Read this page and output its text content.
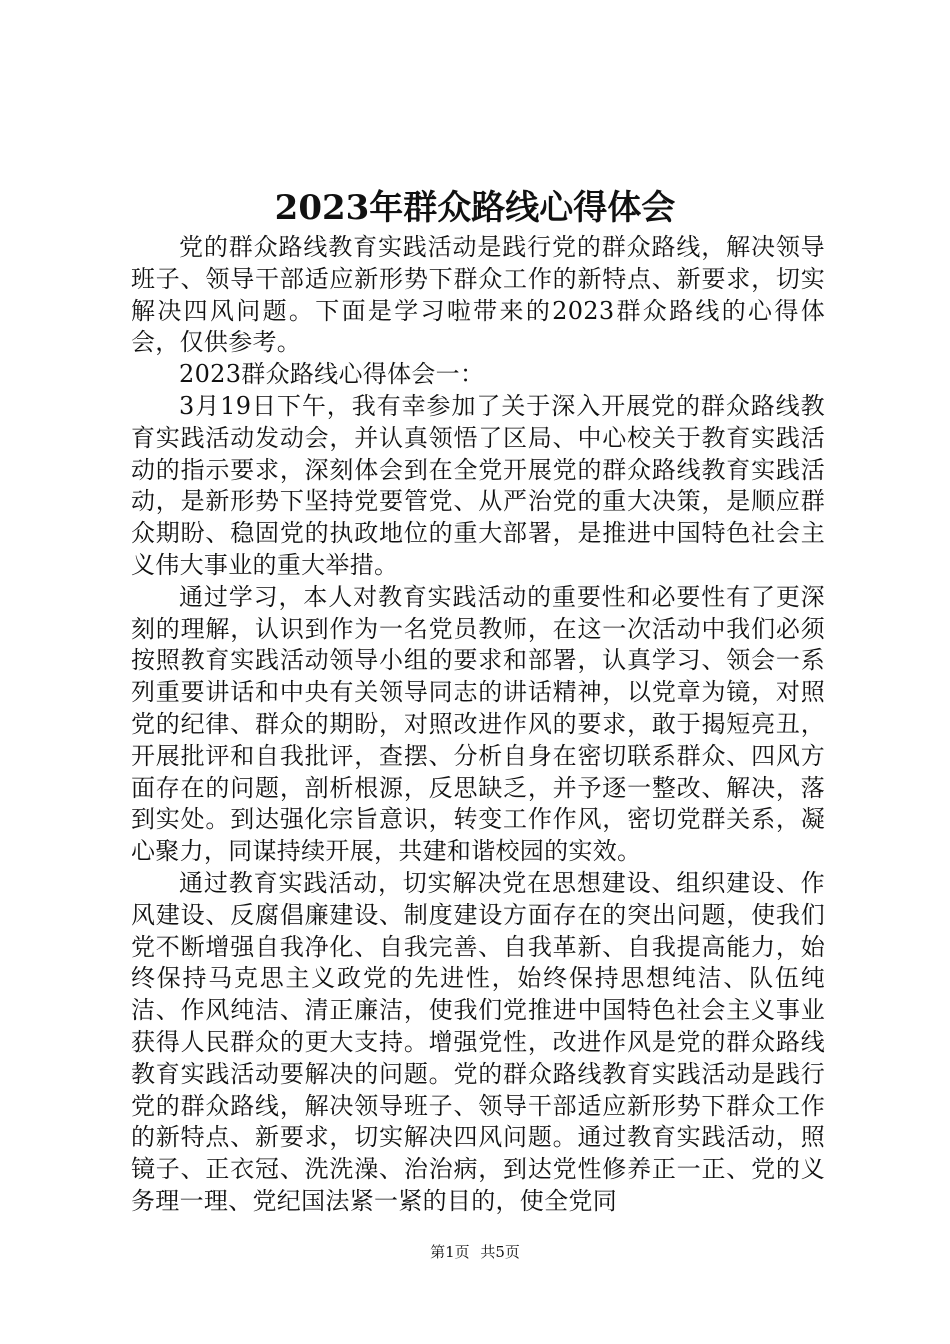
2023年群众路线心得体会

党的群众路线教育实践活动是践行党的群众路线，解决领导班子、领导干部适应新形势下群众工作的新特点、新要求，切实解决四风问题。下面是学习啦带来的2023群众路线的心得体会，仅供参考。

2023群众路线心得体会一：

3月19日下午，我有幸参加了关于深入开展党的群众路线教育实践活动发动会，并认真领悟了区局、中心校关于教育实践活动的指示要求，深刻体会到在全党开展党的群众路线教育实践活动，是新形势下坚持党要管党、从严治党的重大决策，是顺应群众期盼、稳固党的执政地位的重大部署，是推进中国特色社会主义伟大事业的重大举措。

通过学习，本人对教育实践活动的重要性和必要性有了更深刻的理解，认识到作为一名党员教师，在这一次活动中我们必须按照教育实践活动领导小组的要求和部署，认真学习、领会一系列重要讲话和中央有关领导同志的讲话精神，以党章为镜，对照党的纪律、群众的期盼，对照改进作风的要求，敢于揭短亮丑，开展批评和自我批评，查摆、分析自身在密切联系群众、四风方面存在的问题，剖析根源，反思缺乏，并予逐一整改、解决，落到实处。到达强化宗旨意识，转变工作作风，密切党群关系，凝心聚力，同谋持续开展，共建和谐校园的实效。

通过教育实践活动，切实解决党在思想建设、组织建设、作风建设、反腐倡廉建设、制度建设方面存在的突出问题，使我们党不断增强自我净化、自我完善、自我革新、自我提高能力，始终保持马克思主义政党的先进性，始终保持思想纯洁、队伍纯洁、作风纯洁、清正廉洁，使我们党推进中国特色社会主义事业获得人民群众的更大支持。增强党性，改进作风是党的群众路线教育实践活动要解决的问题。党的群众路线教育实践活动是践行党的群众路线，解决领导班子、领导干部适应新形势下群众工作的新特点、新要求，切实解决四风问题。通过教育实践活动，照镜子、正衣冠、洗洗澡、治治病，到达党性修养正一正、党的义务理一理、党纪国法紧一紧的目的，使全党同

第1页 共5页
